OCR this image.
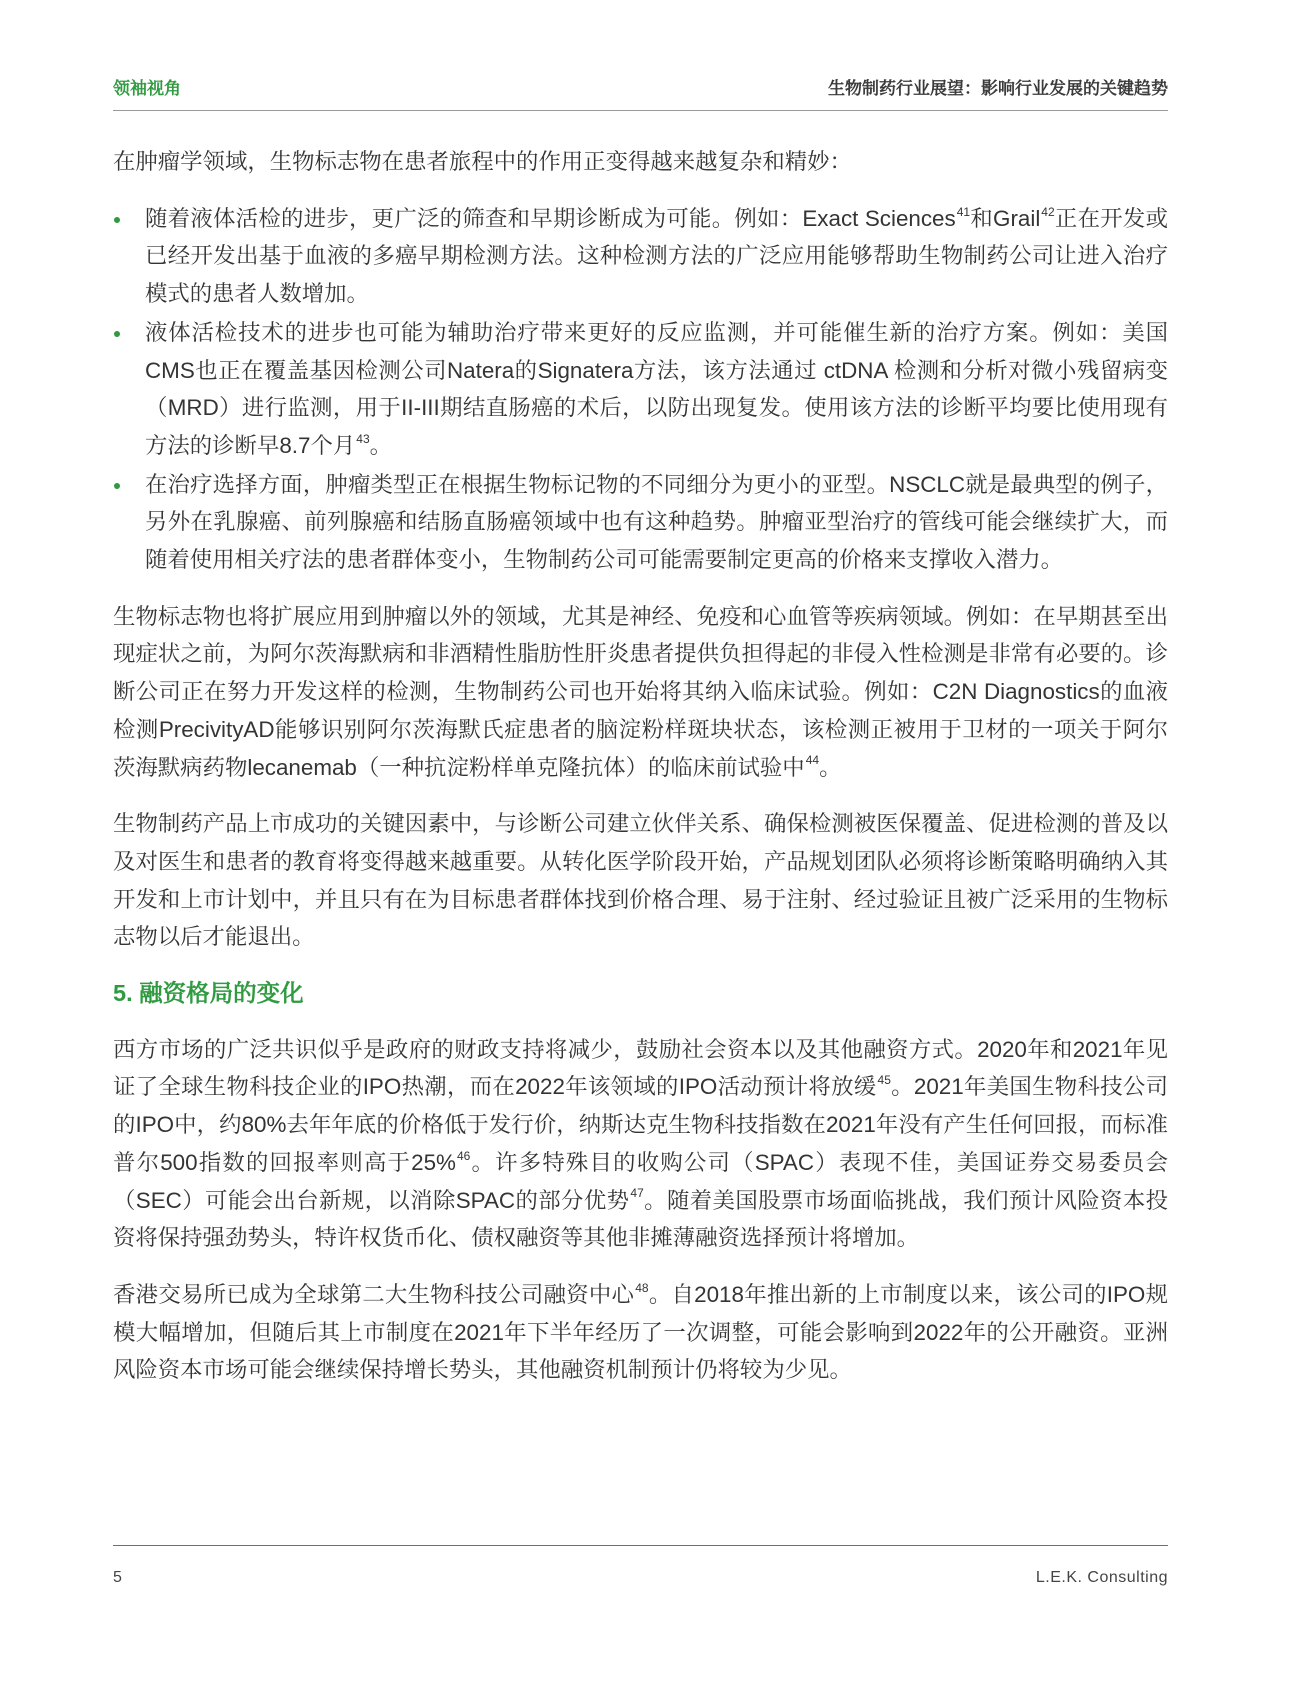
领袖视角	生物制药行业展望：影响行业发展的关键趋势

在肿瘤学领域，生物标志物在患者旅程中的作用正变得越来越复杂和精妙：

随着液体活检的进步，更广泛的筛查和早期诊断成为可能。例如：Exact Sciences$^{41}$和Grail$^{42}$正在开发或已经开发出基于血液的多癌早期检测方法。这种检测方法的广泛应用能够帮助生物制药公司让进入治疗模式的患者人数增加。
液体活检技术的进步也可能为辅助治疗带来更好的反应监测，并可能催生新的治疗方案。例如：美国CMS也正在覆盖基因检测公司Natera的Signatera方法，该方法通过 ctDNA 检测和分析对微小残留病变（MRD）进行监测，用于II-III期结直肠癌的术后，以防出现复发。使用该方法的诊断平均要比使用现有方法的诊断早8.7个月$^{43}$。
在治疗选择方面，肿瘤类型正在根据生物标记物的不同细分为更小的亚型。NSCLC就是最典型的例子，另外在乳腺癌、前列腺癌和结肠直肠癌领域中也有这种趋势。肿瘤亚型治疗的管线可能会继续扩大，而随着使用相关疗法的患者群体变小，生物制药公司可能需要制定更高的价格来支撑收入潜力。

生物标志物也将扩展应用到肿瘤以外的领域，尤其是神经、免疫和心血管等疾病领域。例如：在早期甚至出现症状之前，为阿尔茨海默病和非酒精性脂肪性肝炎患者提供负担得起的非侵入性检测是非常有必要的。诊断公司正在努力开发这样的检测，生物制药公司也开始将其纳入临床试验。例如：C2N Diagnostics的血液检测PrecivityAD能够识别阿尔茨海默氏症患者的脑淀粉样斑块状态，该检测正被用于卫材的一项关于阿尔茨海默病药物lecanemab（一种抗淀粉样单克隆抗体）的临床前试验中$^{44}$。

生物制药产品上市成功的关键因素中，与诊断公司建立伙伴关系、确保检测被医保覆盖、促进检测的普及以及对医生和患者的教育将变得越来越重要。从转化医学阶段开始，产品规划团队必须将诊断策略明确纳入其开发和上市计划中，并且只有在为目标患者群体找到价格合理、易于注射、经过验证且被广泛采用的生物标志物以后才能退出。

5. 融资格局的变化

西方市场的广泛共识似乎是政府的财政支持将减少，鼓励社会资本以及其他融资方式。2020年和2021年见证了全球生物科技企业的IPO热潮，而在2022年该领域的IPO活动预计将放缓$^{45}$。2021年美国生物科技公司的IPO中，约80%去年年底的价格低于发行价，纳斯达克生物科技指数在2021年没有产生任何回报，而标准普尔500指数的回报率则高于25%$^{46}$。许多特殊目的收购公司（SPAC）表现不佳，美国证券交易委员会（SEC）可能会出台新规，以消除SPAC的部分优势$^{47}$。随着美国股票市场面临挑战，我们预计风险资本投资将保持强劲势头，特许权货币化、债权融资等其他非摊薄融资选择预计将增加。

香港交易所已成为全球第二大生物科技公司融资中心$^{48}$。自2018年推出新的上市制度以来，该公司的IPO规模大幅增加，但随后其上市制度在2021年下半年经历了一次调整，可能会影响到2022年的公开融资。亚洲风险资本市场可能会继续保持增长势头，其他融资机制预计仍将较为少见。

5	L.E.K. Consulting
